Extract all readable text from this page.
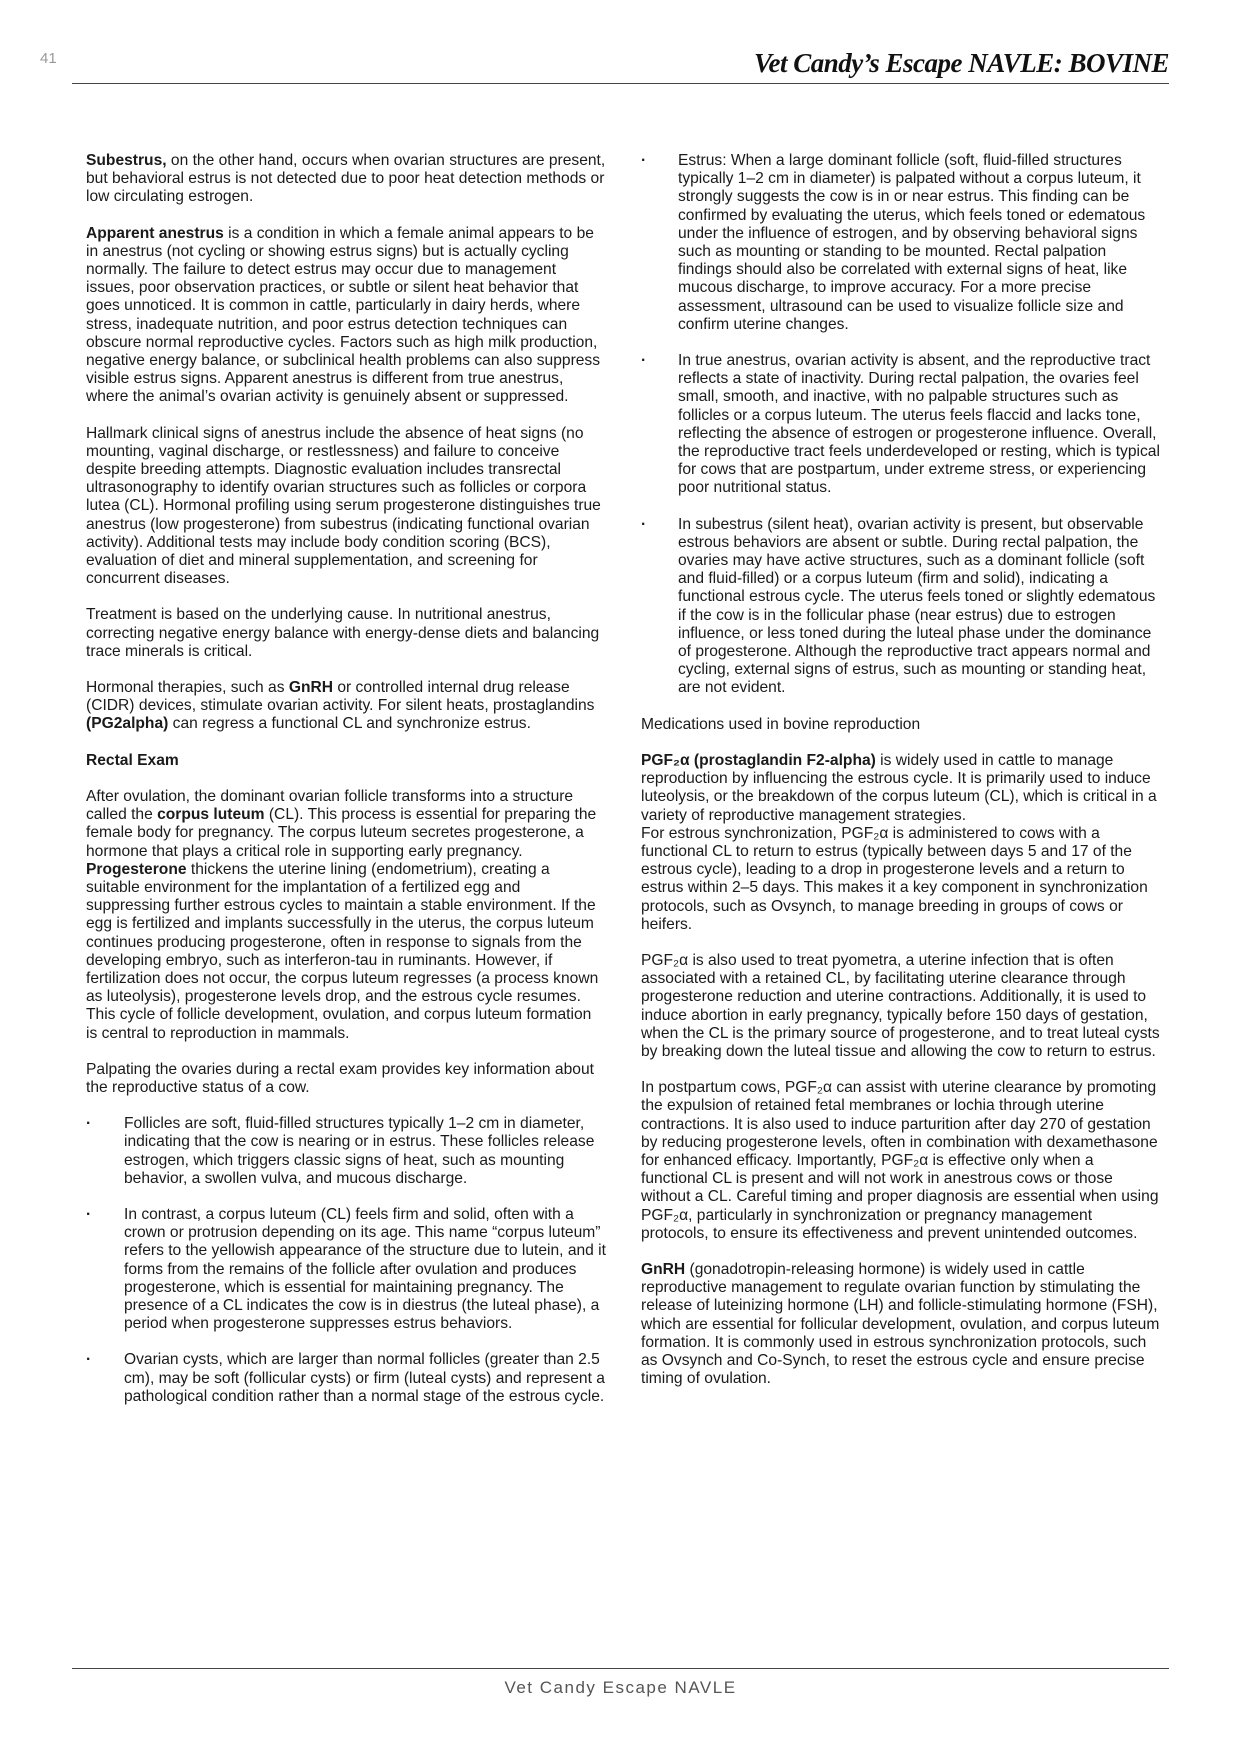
41	Vet Candy’s Escape NAVLE: BOVINE

Subestrus, on the other hand, occurs when ovarian structures are present, but behavioral estrus is not detected due to poor heat detection methods or low circulating estrogen.

Apparent anestrus is a condition in which a female animal appears to be in anestrus (not cycling or showing estrus signs) but is actually cycling normally. The failure to detect estrus may occur due to management issues, poor observation practices, or subtle or silent heat behavior that goes unnoticed. It is common in cattle, particularly in dairy herds, where stress, inadequate nutrition, and poor estrus detection techniques can obscure normal reproductive cycles. Factors such as high milk production, negative energy balance, or subclinical health problems can also suppress visible estrus signs. Apparent anestrus is different from true anestrus, where the animal’s ovarian activity is genuinely absent or suppressed.

Hallmark clinical signs of anestrus include the absence of heat signs (no mounting, vaginal discharge, or restlessness) and failure to conceive despite breeding attempts. Diagnostic evaluation includes transrectal ultrasonography to identify ovarian structures such as follicles or corpora lutea (CL). Hormonal profiling using serum progesterone distinguishes true anestrus (low progesterone) from subestrus (indicating functional ovarian activity). Additional tests may include body condition scoring (BCS), evaluation of diet and mineral supplementation, and screening for concurrent diseases.

Treatment is based on the underlying cause. In nutritional anestrus, correcting negative energy balance with energy-dense diets and balancing trace minerals is critical.

Hormonal therapies, such as GnRH or controlled internal drug release (CIDR) devices, stimulate ovarian activity. For silent heats, prostaglandins (PG2alpha) can regress a functional CL and synchronize estrus.

Rectal Exam

After ovulation, the dominant ovarian follicle transforms into a structure called the corpus luteum (CL). This process is essential for preparing the female body for pregnancy. The corpus luteum secretes progesterone, a hormone that plays a critical role in supporting early pregnancy. Progesterone thickens the uterine lining (endometrium), creating a suitable environment for the implantation of a fertilized egg and suppressing further estrous cycles to maintain a stable environment. If the egg is fertilized and implants successfully in the uterus, the corpus luteum continues producing progesterone, often in response to signals from the developing embryo, such as interferon-tau in ruminants. However, if fertilization does not occur, the corpus luteum regresses (a process known as luteolysis), progesterone levels drop, and the estrous cycle resumes. This cycle of follicle development, ovulation, and corpus luteum formation is central to reproduction in mammals.

Palpating the ovaries during a rectal exam provides key information about the reproductive status of a cow.

· Follicles are soft, fluid-filled structures typically 1–2 cm in diameter, indicating that the cow is nearing or in estrus. These follicles release estrogen, which triggers classic signs of heat, such as mounting behavior, a swollen vulva, and mucous discharge.
· In contrast, a corpus luteum (CL) feels firm and solid, often with a crown or protrusion depending on its age. This name “corpus luteum” refers to the yellowish appearance of the structure due to lutein, and it forms from the remains of the follicle after ovulation and produces progesterone, which is essential for maintaining pregnancy. The presence of a CL indicates the cow is in diestrus (the luteal phase), a period when progesterone suppresses estrus behaviors.
· Ovarian cysts, which are larger than normal follicles (greater than 2.5 cm), may be soft (follicular cysts) or firm (luteal cysts) and represent a pathological condition rather than a normal stage of the estrous cycle.
· Estrus: When a large dominant follicle (soft, fluid-filled structures typically 1–2 cm in diameter) is palpated without a corpus luteum, it strongly suggests the cow is in or near estrus. This finding can be confirmed by evaluating the uterus, which feels toned or edematous under the influence of estrogen, and by observing behavioral signs such as mounting or standing to be mounted. Rectal palpation findings should also be correlated with external signs of heat, like mucous discharge, to improve accuracy. For a more precise assessment, ultrasound can be used to visualize follicle size and confirm uterine changes.
· In true anestrus, ovarian activity is absent, and the reproductive tract reflects a state of inactivity. During rectal palpation, the ovaries feel small, smooth, and inactive, with no palpable structures such as follicles or a corpus luteum. The uterus feels flaccid and lacks tone, reflecting the absence of estrogen or progesterone influence. Overall, the reproductive tract feels underdeveloped or resting, which is typical for cows that are postpartum, under extreme stress, or experiencing poor nutritional status.
· In subestrus (silent heat), ovarian activity is present, but observable estrous behaviors are absent or subtle. During rectal palpation, the ovaries may have active structures, such as a dominant follicle (soft and fluid-filled) or a corpus luteum (firm and solid), indicating a functional estrous cycle. The uterus feels toned or slightly edematous if the cow is in the follicular phase (near estrus) due to estrogen influence, or less toned during the luteal phase under the dominance of progesterone. Although the reproductive tract appears normal and cycling, external signs of estrus, such as mounting or standing heat, are not evident.

Medications used in bovine reproduction

PGF₂α (prostaglandin F2-alpha) is widely used in cattle to manage reproduction by influencing the estrous cycle. It is primarily used to induce luteolysis, or the breakdown of the corpus luteum (CL), which is critical in a variety of reproductive management strategies.

For estrous synchronization, PGF₂α is administered to cows with a functional CL to return to estrus (typically between days 5 and 17 of the estrous cycle), leading to a drop in progesterone levels and a return to estrus within 2–5 days. This makes it a key component in synchronization protocols, such as Ovsynch, to manage breeding in groups of cows or heifers.

PGF₂α is also used to treat pyometra, a uterine infection that is often associated with a retained CL, by facilitating uterine clearance through progesterone reduction and uterine contractions. Additionally, it is used to induce abortion in early pregnancy, typically before 150 days of gestation, when the CL is the primary source of progesterone, and to treat luteal cysts by breaking down the luteal tissue and allowing the cow to return to estrus.

In postpartum cows, PGF₂α can assist with uterine clearance by promoting the expulsion of retained fetal membranes or lochia through uterine contractions. It is also used to induce parturition after day 270 of gestation by reducing progesterone levels, often in combination with dexamethasone for enhanced efficacy. Importantly, PGF₂α is effective only when a functional CL is present and will not work in anestrous cows or those without a CL. Careful timing and proper diagnosis are essential when using PGF₂α, particularly in synchronization or pregnancy management protocols, to ensure its effectiveness and prevent unintended outcomes.

GnRH (gonadotropin-releasing hormone) is widely used in cattle reproductive management to regulate ovarian function by stimulating the release of luteinizing hormone (LH) and follicle-stimulating hormone (FSH), which are essential for follicular development, ovulation, and corpus luteum formation. It is commonly used in estrous synchronization protocols, such as Ovsynch and Co-Synch, to reset the estrous cycle and ensure precise timing of ovulation.

Vet Candy Escape NAVLE
